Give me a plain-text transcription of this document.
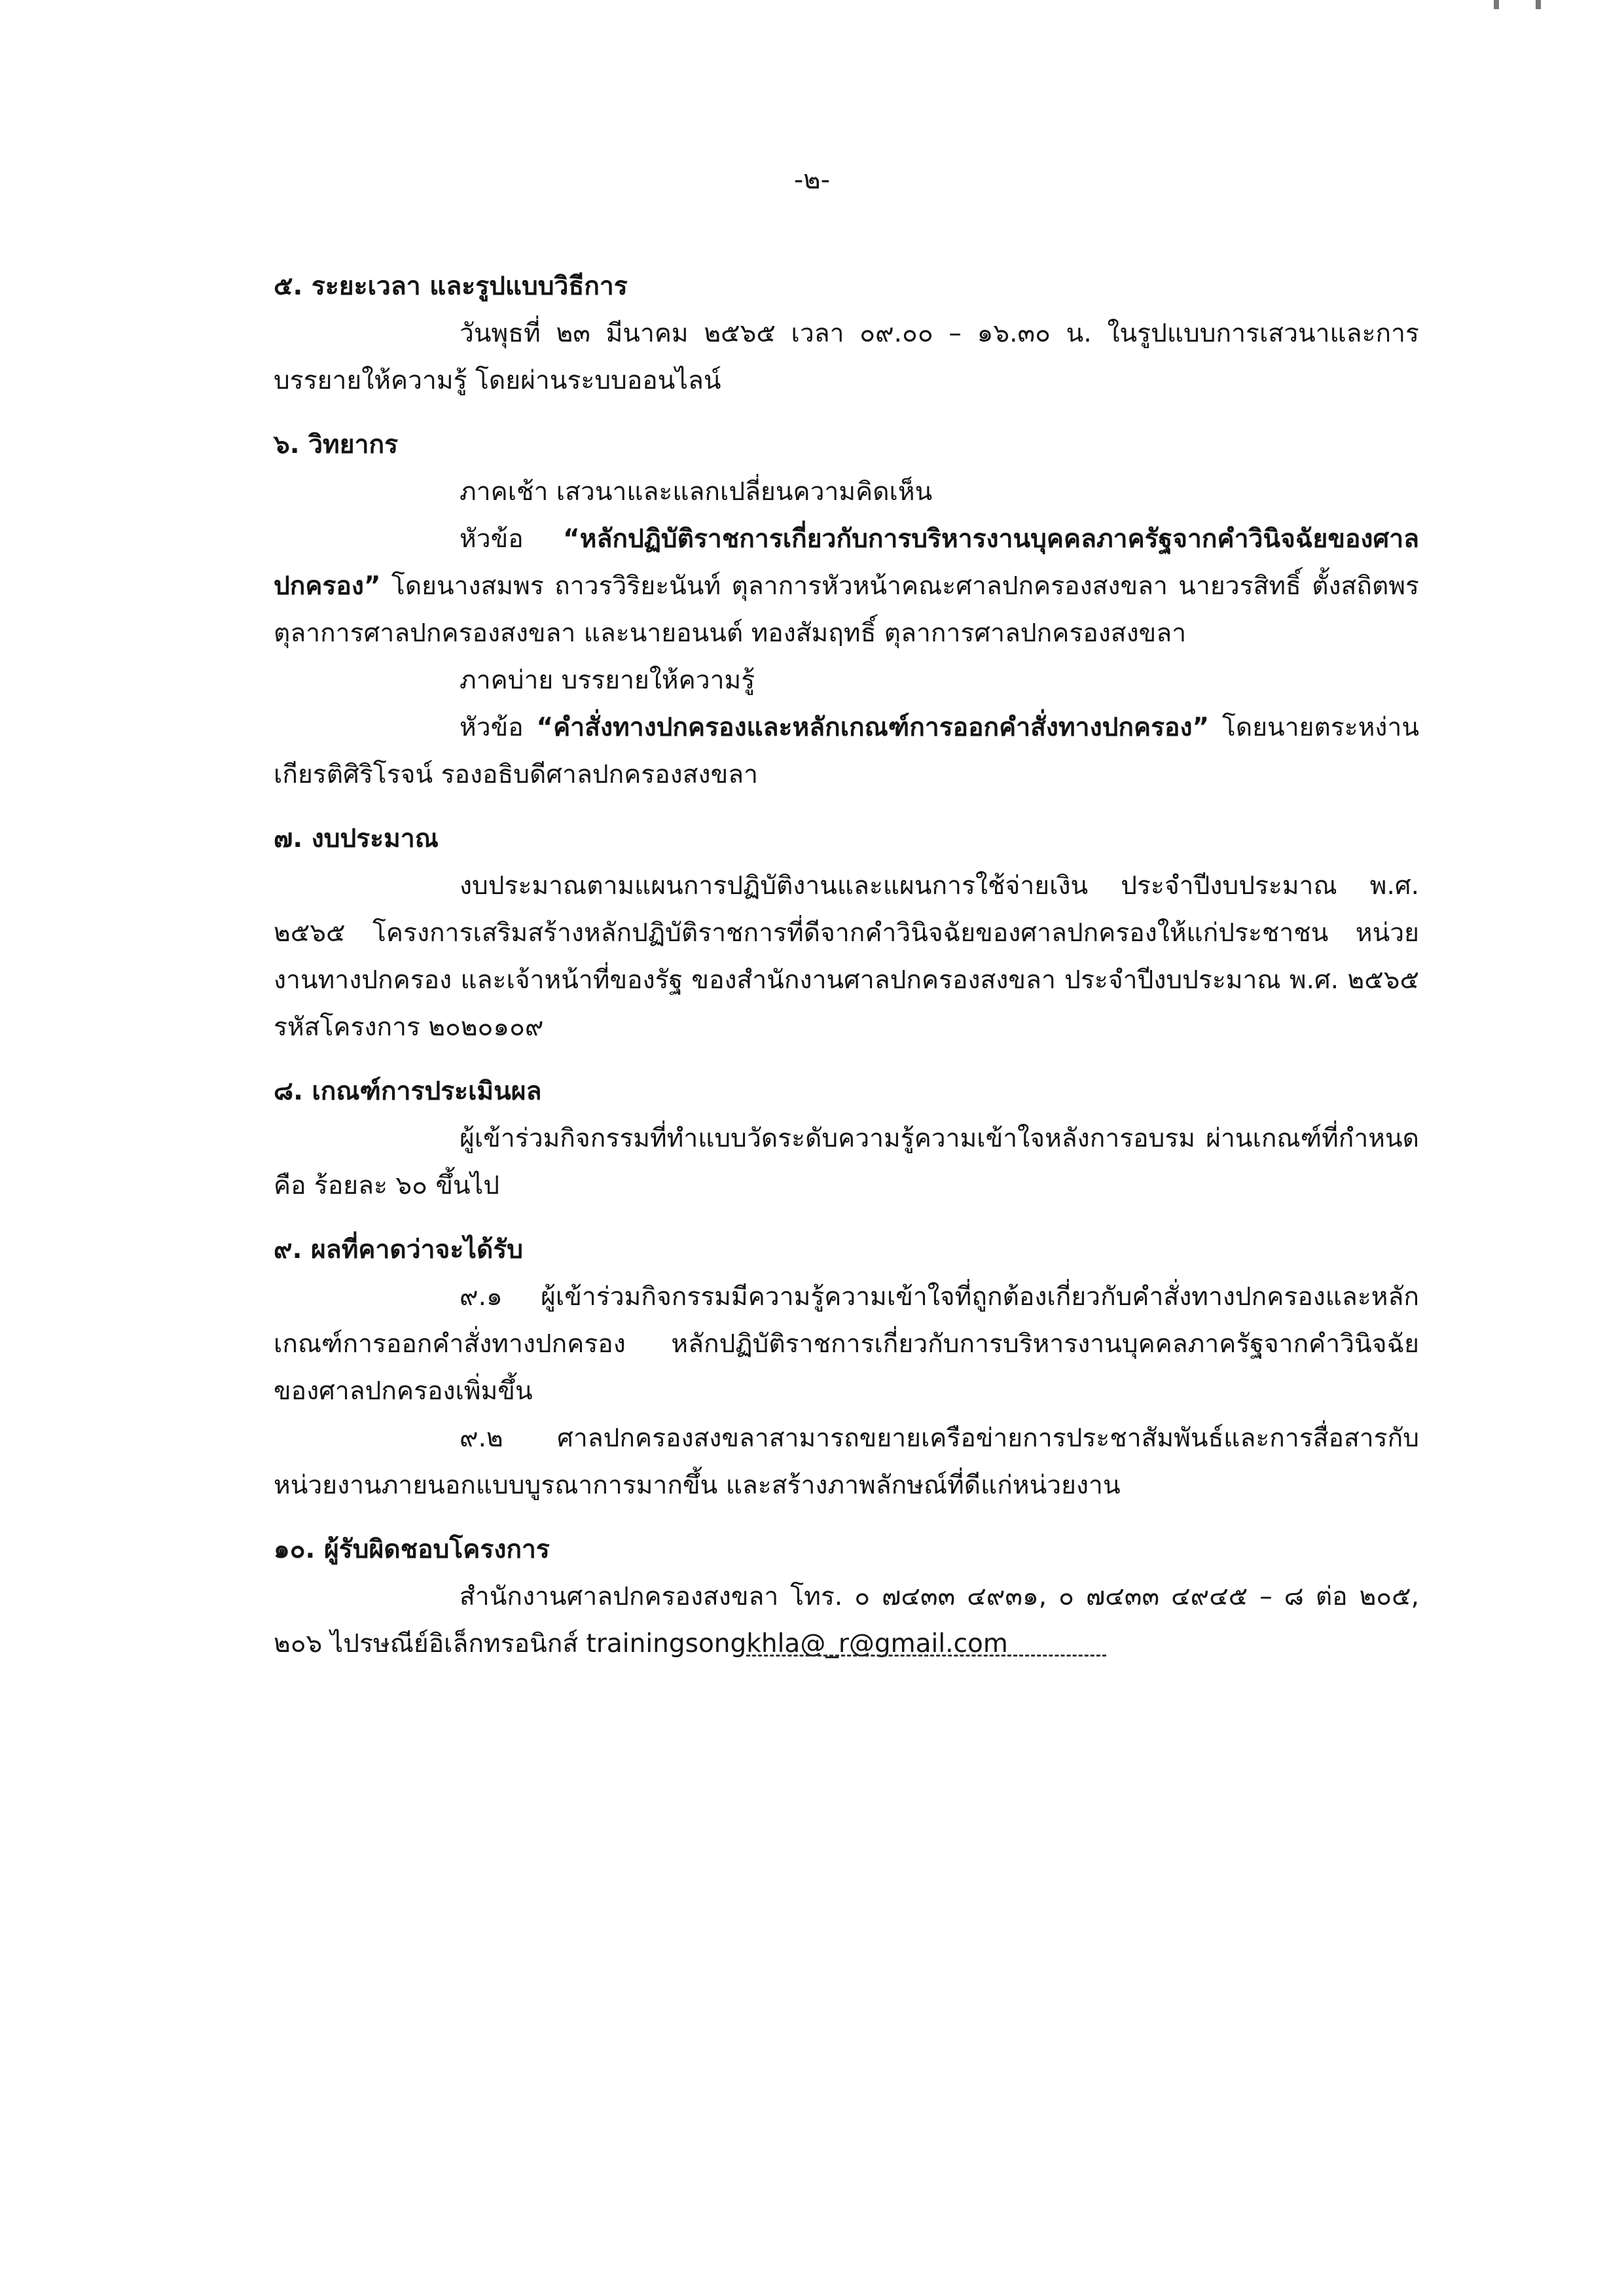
-๒-

๕. ระยะเวลา และรูปแบบวิธีการ

วันพุธที่ ๒๓ มีนาคม ๒๕๖๕ เวลา ๐๙.๐๐ – ๑๖.๓๐ น. ในรูปแบบการเสวนาและการบรรยายให้ความรู้ โดยผ่านระบบออนไลน์

๖. วิทยากร

ภาคเช้า เสวนาและแลกเปลี่ยนความคิดเห็น

หัวข้อ “หลักปฏิบัติราชการเกี่ยวกับการบริหารงานบุคคลภาครัฐจากคำวินิจฉัยของศาลปกครอง” โดยนางสมพร ถาวรวิริยะนันท์ ตุลาการหัวหน้าคณะศาลปกครองสงขลา นายวรสิทธิ์ ตั้งสถิตพร ตุลาการศาลปกครองสงขลา และนายอนนต์ ทองสัมฤทธิ์ ตุลาการศาลปกครองสงขลา

ภาคบ่าย บรรยายให้ความรู้

หัวข้อ “คำสั่งทางปกครองและหลักเกณฑ์การออกคำสั่งทางปกครอง” โดยนายตระหง่าน เกียรติศิริโรจน์ รองอธิบดีศาลปกครองสงขลา

๗. งบประมาณ

งบประมาณตามแผนการปฏิบัติงานและแผนการใช้จ่ายเงิน ประจำปีงบประมาณ พ.ศ. ๒๕๖๕ โครงการเสริมสร้างหลักปฏิบัติราชการที่ดีจากคำวินิจฉัยของศาลปกครองให้แก่ประชาชน หน่วยงานทางปกครอง และเจ้าหน้าที่ของรัฐ ของสำนักงานศาลปกครองสงขลา ประจำปีงบประมาณ พ.ศ. ๒๕๖๕ รหัสโครงการ ๒๐๒๐๑๐๙

๘. เกณฑ์การประเมินผล

ผู้เข้าร่วมกิจกรรมที่ทำแบบวัดระดับความรู้ความเข้าใจหลังการอบรม ผ่านเกณฑ์ที่กำหนดคือ ร้อยละ ๖๐ ขึ้นไป

๙. ผลที่คาดว่าจะได้รับ

๙.๑ ผู้เข้าร่วมกิจกรรมมีความรู้ความเข้าใจที่ถูกต้องเกี่ยวกับคำสั่งทางปกครองและหลักเกณฑ์การออกคำสั่งทางปกครอง หลักปฏิบัติราชการเกี่ยวกับการบริหารงานบุคคลภาครัฐจากคำวินิจฉัยของศาลปกครองเพิ่มขึ้น

๙.๒ ศาลปกครองสงขลาสามารถขยายเครือข่ายการประชาสัมพันธ์และการสื่อสารกับหน่วยงานภายนอกแบบบูรณาการมากขึ้น และสร้างภาพลักษณ์ที่ดีแก่หน่วยงาน

๑๐. ผู้รับผิดชอบโครงการ

สำนักงานศาลปกครองสงขลา โทร. ๐ ๗๔๓๓ ๔๙๓๑, ๐ ๗๔๓๓ ๔๙๔๕ – ๘ ต่อ ๒๐๕, ๒๐๖ ไปรษณีย์อิเล็กทรอนิกส์ trainingsongkhla@_r@gmail.com
